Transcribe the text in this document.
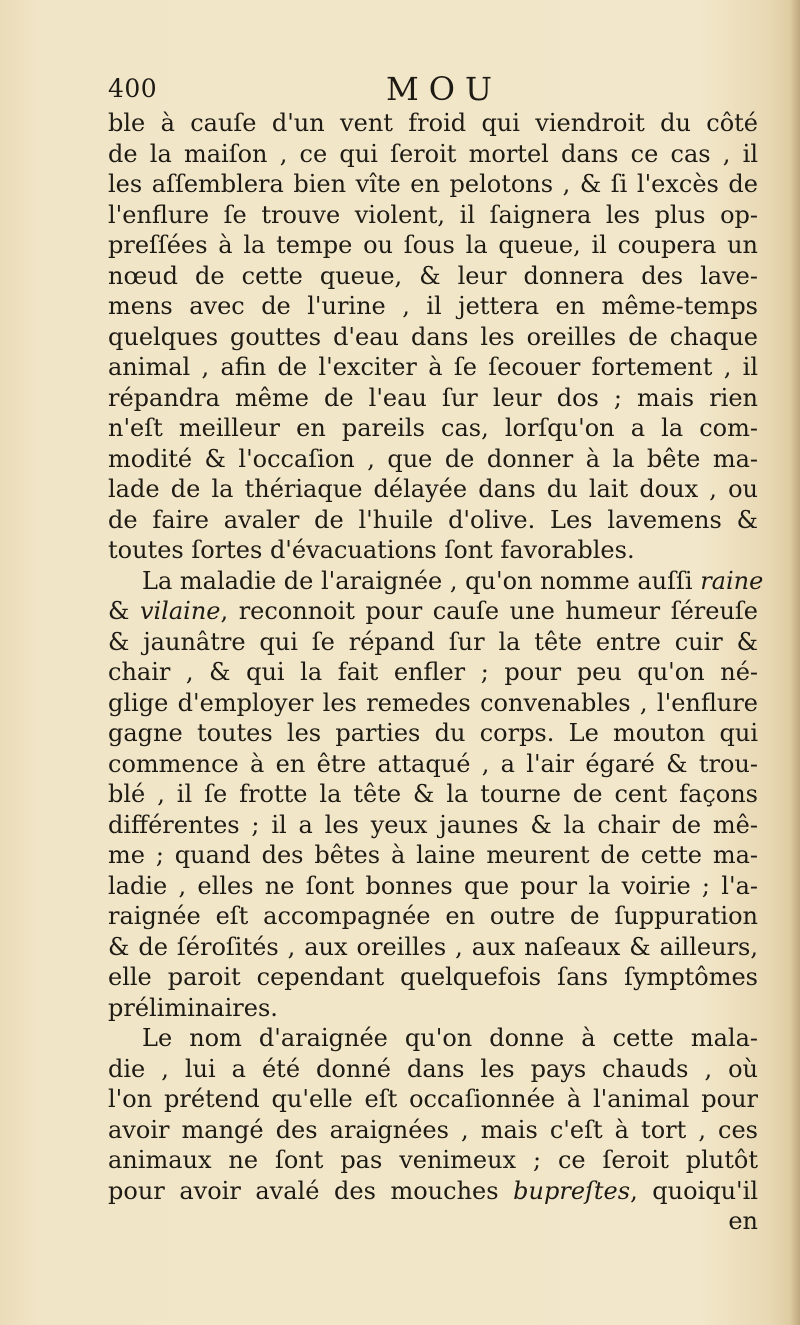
400	MOU
ble à cauſe d'un vent froid qui viendroit du côté
de la maiſon , ce qui ſeroit mortel dans ce cas , il
les aſſemblera bien vîte en pelotons , & ſi l'excès de
l'enflure ſe trouve violent, il ſaignera les plus op-
preſſées à la tempe ou ſous la queue, il coupera un
nœud de cette queue, & leur donnera des lave-
mens avec de l'urine , il jettera en même-temps
quelques gouttes d'eau dans les oreilles de chaque
animal , afin de l'exciter à ſe ſecouer fortement , il
répandra même de l'eau ſur leur dos ; mais rien
n'eſt meilleur en pareils cas, lorſqu'on a la com-
modité & l'occaſion , que de donner à la bête ma-
lade de la thériaque délayée dans du lait doux , ou
de faire avaler de l'huile d'olive. Les lavemens &
toutes ſortes d'évacuations ſont favorables.
La maladie de l'araignée , qu'on nomme auſſi raine
& vilaine, reconnoit pour cauſe une humeur ſéreuſe
& jaunâtre qui ſe répand ſur la tête entre cuir &
chair , & qui la fait enfler ; pour peu qu'on né-
glige d'employer les remedes convenables , l'enflure
gagne toutes les parties du corps. Le mouton qui
commence à en être attaqué , a l'air égaré & trou-
blé , il ſe frotte la tête & la tourne de cent façons
différentes ; il a les yeux jaunes & la chair de mê-
me ; quand des bêtes à laine meurent de cette ma-
ladie , elles ne ſont bonnes que pour la voirie ; l'a-
raignée eſt accompagnée en outre de ſuppuration
& de ſéroſités , aux oreilles , aux naſeaux & ailleurs,
elle paroit cependant quelquefois ſans ſymptômes
préliminaires.
Le nom d'araignée qu'on donne à cette mala-
die , lui a été donné dans les pays chauds , où
l'on prétend qu'elle eſt occaſionnée à l'animal pour
avoir mangé des araignées , mais c'eſt à tort , ces
animaux ne ſont pas venimeux ; ce ſeroit plutôt
pour avoir avalé des mouches bupreſtes, quoiqu'il
en
